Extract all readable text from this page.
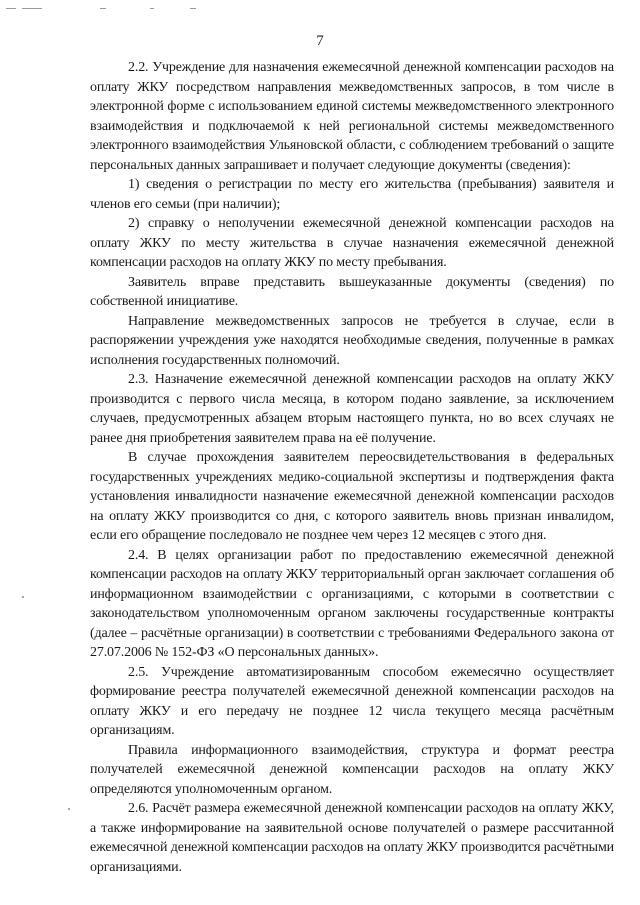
7

2.2. Учреждение для назначения ежемесячной денежной компенсации расходов на оплату ЖКУ посредством направления межведомственных запросов, в том числе в электронной форме с использованием единой системы межведомственного электронного взаимодействия и подключаемой к ней региональной системы межведомственного электронного взаимодействия Ульяновской области, с соблюдением требований о защите персональных данных запрашивает и получает следующие документы (сведения):

1) сведения о регистрации по месту его жительства (пребывания) заявителя и членов его семьи (при наличии);

2) справку о неполучении ежемесячной денежной компенсации расходов на оплату ЖКУ по месту жительства в случае назначения ежемесячной денежной компенсации расходов на оплату ЖКУ по месту пребывания.

Заявитель вправе представить вышеуказанные документы (сведения) по собственной инициативе.

Направление межведомственных запросов не требуется в случае, если в распоряжении учреждения уже находятся необходимые сведения, полученные в рамках исполнения государственных полномочий.

2.3. Назначение ежемесячной денежной компенсации расходов на оплату ЖКУ производится с первого числа месяца, в котором подано заявление, за исключением случаев, предусмотренных абзацем вторым настоящего пункта, но во всех случаях не ранее дня приобретения заявителем права на её получение.

В случае прохождения заявителем переосвидетельствования в федеральных государственных учреждениях медико-социальной экспертизы и подтверждения факта установления инвалидности назначение ежемесячной денежной компенсации расходов на оплату ЖКУ производится со дня, с которого заявитель вновь признан инвалидом, если его обращение последовало не позднее чем через 12 месяцев с этого дня.

2.4. В целях организации работ по предоставлению ежемесячной денежной компенсации расходов на оплату ЖКУ территориальный орган заключает соглашения об информационном взаимодействии с организациями, с которыми в соответствии с законодательством уполномоченным органом заключены государственные контракты (далее – расчётные организации) в соответствии с требованиями Федерального закона от 27.07.2006 № 152-ФЗ «О персональных данных».

2.5. Учреждение автоматизированным способом ежемесячно осуществляет формирование реестра получателей ежемесячной денежной компенсации расходов на оплату ЖКУ и его передачу не позднее 12 числа текущего месяца расчётным организациям.

Правила информационного взаимодействия, структура и формат реестра получателей ежемесячной денежной компенсации расходов на оплату ЖКУ определяются уполномоченным органом.

2.6. Расчёт размера ежемесячной денежной компенсации расходов на оплату ЖКУ, а также информирование на заявительной основе получателей о размере рассчитанной ежемесячной денежной компенсации расходов на оплату ЖКУ производится расчётными организациями.
